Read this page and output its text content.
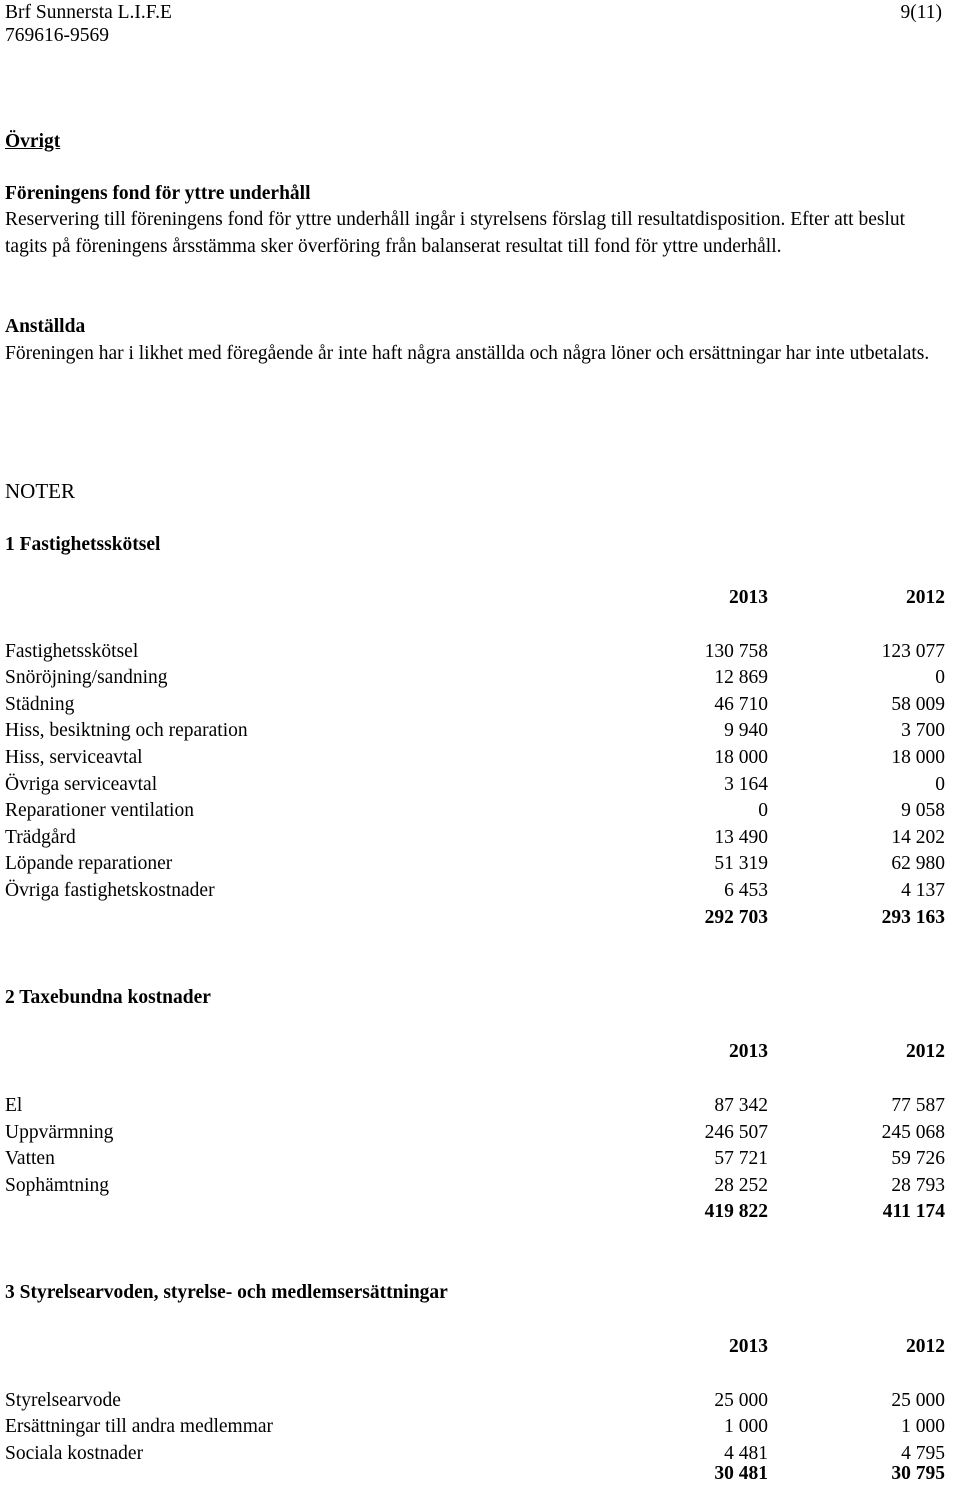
Brf Sunnersta L.I.F.E

769616-9569

9(11)

Övrigt

Föreningens fond för yttre underhåll

Reservering till föreningens fond för yttre underhåll ingår i styrelsens förslag till resultatdisposition. Efter att beslut tagits på föreningens årsstämma sker överföring från balanserat resultat till fond för yttre underhåll.

Anställda

Föreningen har i likhet med föregående år inte haft några anställda och några löner och ersättningar har inte utbetalats.

NOTER

1 Fastighetsskötsel

2013	2012
Fastighetsskötsel	130 758	123 077
Snöröjning/sandning	12 869	0
Städning	46 710	58 009
Hiss, besiktning och reparation	9 940	3 700
Hiss, serviceavtal	18 000	18 000
Övriga serviceavtal	3 164	0
Reparationer ventilation	0	9 058
Trädgård	13 490	14 202
Löpande reparationer	51 319	62 980
Övriga fastighetskostnader	6 453	4 137
292 703	293 163

2 Taxebundna kostnader

2013	2012
El	87 342	77 587
Uppvärmning	246 507	245 068
Vatten	57 721	59 726
Sophämtning	28 252	28 793
419 822	411 174

3 Styrelsearvoden, styrelse- och medlemsersättningar

2013	2012
Styrelsearvode	25 000	25 000
Ersättningar till andra medlemmar	1 000	1 000
Sociala kostnader	4 481	4 795
30 481	30 795
